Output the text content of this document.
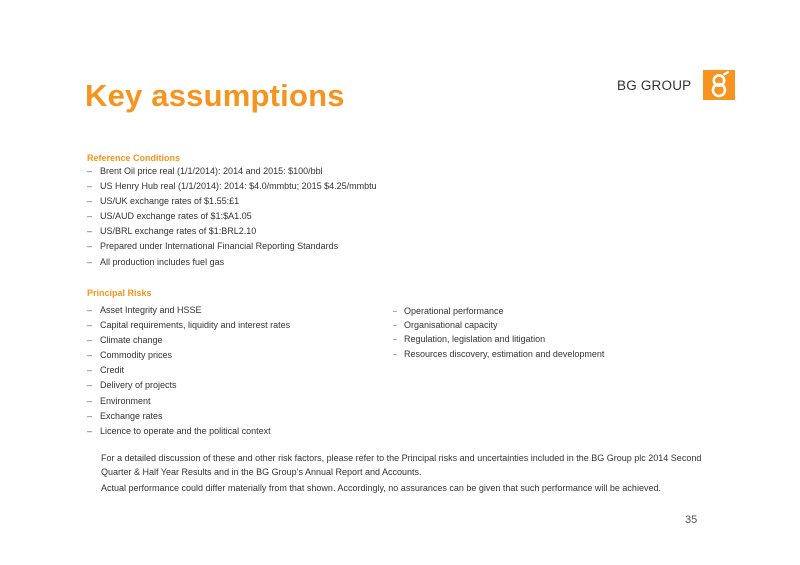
Key assumptions	BG GROUP
Reference Conditions
– Brent Oil price real (1/1/2014): 2014 and 2015: $100/bbl
– US Henry Hub real (1/1/2014): 2014: $4.0/mmbtu; 2015 $4.25/mmbtu
– US/UK exchange rates of $1.55:£1
– US/AUD exchange rates of $1:$A1.05
– US/BRL exchange rates of $1:BRL2.10
– Prepared under International Financial Reporting Standards
– All production includes fuel gas
Principal Risks
– Asset Integrity and HSSE
– Capital requirements, liquidity and interest rates
– Climate change
– Commodity prices
– Credit
– Delivery of projects
– Environment
– Exchange rates
– Licence to operate and the political context
– Operational performance
– Organisational capacity
– Regulation, legislation and litigation
– Resources discovery, estimation and development
For a detailed discussion of these and other risk factors, please refer to the Principal risks and uncertainties included in the BG Group plc 2014 Second Quarter & Half Year Results and in the BG Group’s Annual Report and Accounts.
Actual performance could differ materially from that shown. Accordingly, no assurances can be given that such performance will be achieved.
35
